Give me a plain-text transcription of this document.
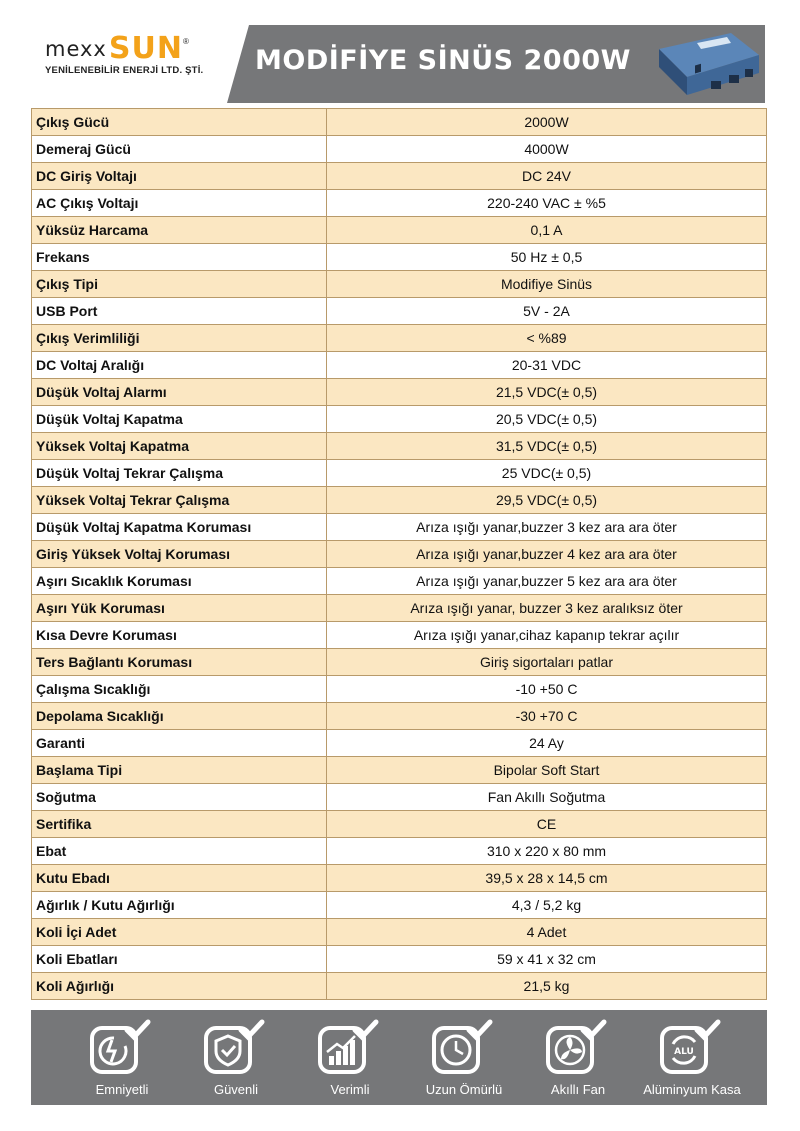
mexx SUN ®
YENİLENEBİLİR ENERJİ LTD. ŞTİ. MODİFİYE SİNÜS 2000W
Çıkış Gücü	2000W
Demeraj Gücü	4000W
DC Giriş Voltajı	DC 24V
AC Çıkış Voltajı	220-240 VAC ± %5
Yüksüz Harcama	0,1 A
Frekans	50 Hz ± 0,5
Çıkış Tipi	Modifiye Sinüs
USB Port	5V - 2A
Çıkış Verimliliği	< %89
DC Voltaj Aralığı	20-31 VDC
Düşük Voltaj Alarmı	21,5 VDC(± 0,5)
Düşük Voltaj Kapatma	20,5 VDC(± 0,5)
Yüksek Voltaj Kapatma	31,5 VDC(± 0,5)
Düşük Voltaj Tekrar Çalışma	25 VDC(± 0,5)
Yüksek Voltaj Tekrar Çalışma	29,5 VDC(± 0,5)
Düşük Voltaj Kapatma Koruması	Arıza ışığı yanar,buzzer 3 kez ara ara öter
Giriş Yüksek Voltaj Koruması	Arıza ışığı yanar,buzzer 4 kez ara ara öter
Aşırı Sıcaklık Koruması	Arıza ışığı yanar,buzzer 5 kez ara ara öter
Aşırı Yük Koruması	Arıza ışığı yanar, buzzer 3 kez aralıksız öter
Kısa Devre Koruması	Arıza ışığı yanar,cihaz kapanıp tekrar açılır
Ters Bağlantı Koruması	Giriş sigortaları patlar
Çalışma Sıcaklığı	-10 +50 C
Depolama Sıcaklığı	-30 +70 C
Garanti	24 Ay
Başlama Tipi	Bipolar Soft Start
Soğutma	Fan Akıllı Soğutma
Sertifika	CE
Ebat	310 x 220 x 80 mm
Kutu Ebadı	39,5 x 28 x 14,5 cm
Ağırlık / Kutu Ağırlığı	4,3 / 5,2 kg
Koli İçi Adet	4 Adet
Koli Ebatları	59 x 41 x 32 cm
Koli Ağırlığı	21,5 kg
Emniyetli	Güvenli	Verimli	Uzun Ömürlü	Akıllı Fan
ALU
Alüminyum Kasa
